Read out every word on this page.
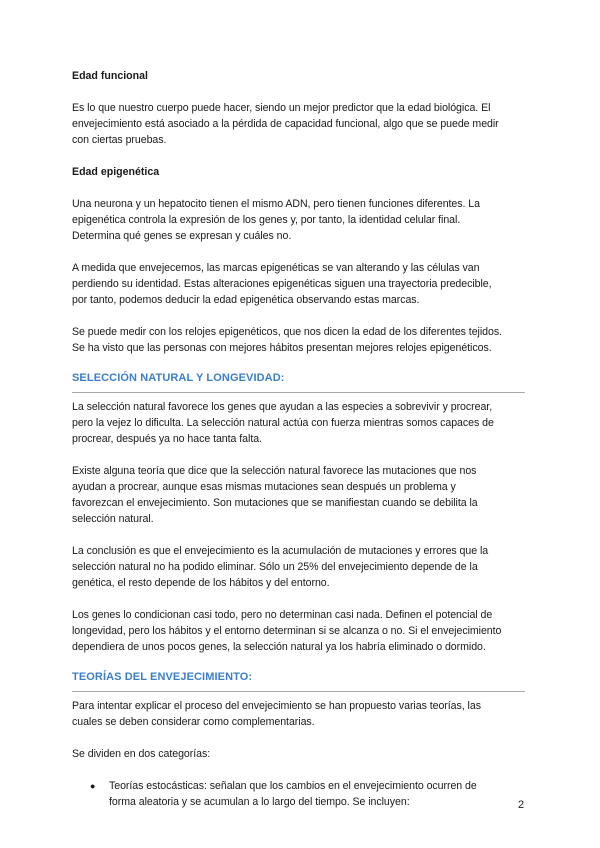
Edad funcional

Es lo que nuestro cuerpo puede hacer, siendo un mejor predictor que la edad biológica. El
envejecimiento está asociado a la pérdida de capacidad funcional, algo que se puede medir
con ciertas pruebas.

Edad epigenética

Una neurona y un hepatocito tienen el mismo ADN, pero tienen funciones diferentes. La
epigenética controla la expresión de los genes y, por tanto, la identidad celular final.
Determina qué genes se expresan y cuáles no.

A medida que envejecemos, las marcas epigenéticas se van alterando y las células van
perdiendo su identidad. Estas alteraciones epigenéticas siguen una trayectoria predecible,
por tanto, podemos deducir la edad epigenética observando estas marcas.

Se puede medir con los relojes epigenéticos, que nos dicen la edad de los diferentes tejidos.
Se ha visto que las personas con mejores hábitos presentan mejores relojes epigenéticos.

SELECCIÓN NATURAL Y LONGEVIDAD:

La selección natural favorece los genes que ayudan a las especies a sobrevivir y procrear,
pero la vejez lo dificulta. La selección natural actúa con fuerza mientras somos capaces de
procrear, después ya no hace tanta falta.

Existe alguna teoría que dice que la selección natural favorece las mutaciones que nos
ayudan a procrear, aunque esas mismas mutaciones sean después un problema y
favorezcan el envejecimiento. Son mutaciones que se manifiestan cuando se debilita la
selección natural.

La conclusión es que el envejecimiento es la acumulación de mutaciones y errores que la
selección natural no ha podido eliminar. Sólo un 25% del envejecimiento depende de la
genética, el resto depende de los hábitos y del entorno.

Los genes lo condicionan casi todo, pero no determinan casi nada. Definen el potencial de
longevidad, pero los hábitos y el entorno determinan si se alcanza o no. Si el envejecimiento
dependiera de unos pocos genes, la selección natural ya los habría eliminado o dormido.

TEORÍAS DEL ENVEJECIMIENTO:

Para intentar explicar el proceso del envejecimiento se han propuesto varias teorías, las
cuales se deben considerar como complementarias.

Se dividen en dos categorías:

●	Teorías estocásticas: señalan que los cambios en el envejecimiento ocurren de
forma aleatoria y se acumulan a lo largo del tiempo. Se incluyen:	2
